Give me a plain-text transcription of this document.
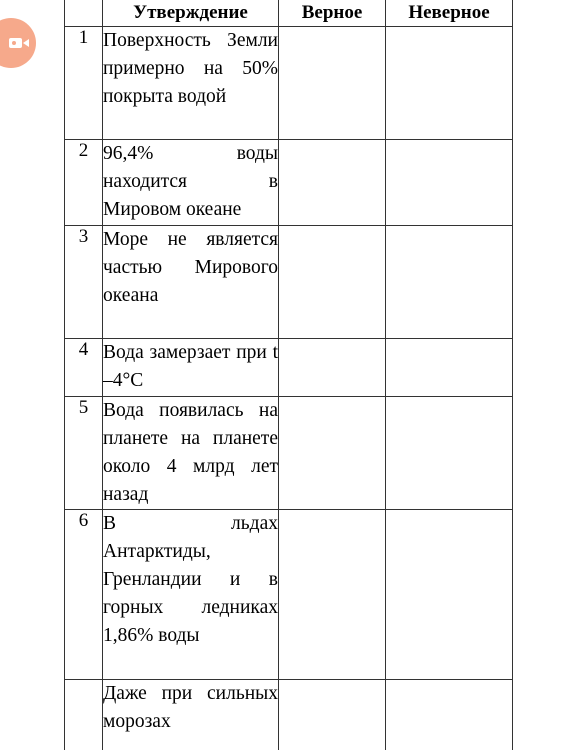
	Утверждение	Верное	Неверное
1	Поверхность Земли примерно на 50% покрыта водой		
2	96,4% воды находится в Мировом океане		
3	Море не является частью Мирового океана		
4	Вода замерзает при t –4°C		
5	Вода появилась на планете на планете около 4 млрд лет назад		
6	В льдах Антарктиды, Гренландии и в горных ледниках 1,86% воды		

	Даже при сильных морозах		
